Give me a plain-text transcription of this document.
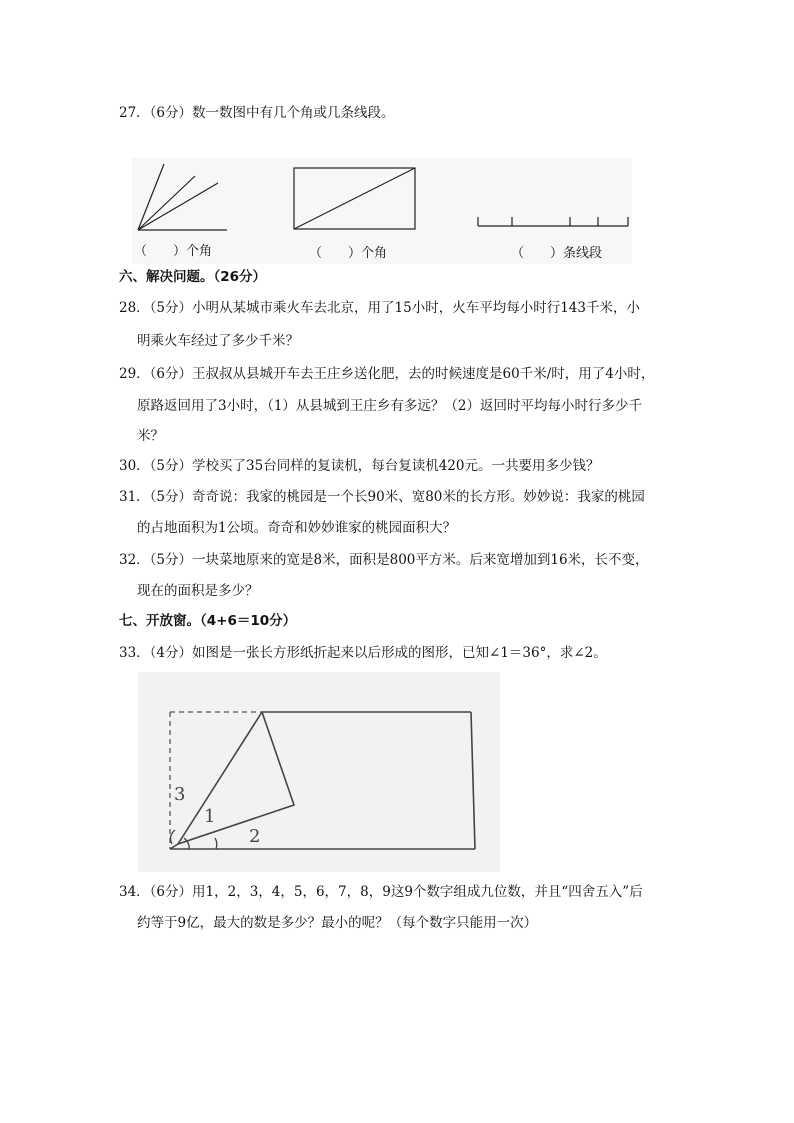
27．（6分）数一数图中有几个角或几条线段。
（　　）个角	（　　）个角	（　　）条线段
六、解决问题。（26分）
28．（5分）小明从某城市乘火车去北京，用了15小时，火车平均每小时行143千米，小
明乘火车经过了多少千米？
29．（6分）王叔叔从县城开车去王庄乡送化肥，去的时候速度是60千米/时，用了4小时，
原路返回用了3小时，（1）从县城到王庄乡有多远？（2）返回时平均每小时行多少千
米？
30．（5分）学校买了35台同样的复读机，每台复读机420元。一共要用多少钱？
31．（5分）奇奇说：我家的桃园是一个长90米、宽80米的长方形。妙妙说：我家的桃园
的占地面积为1公顷。奇奇和妙妙谁家的桃园面积大？
32．（5分）一块菜地原来的宽是8米，面积是800平方米。后来宽增加到16米，长不变，
现在的面积是多少？
七、开放窗。（4+6＝10分）
33．（4分）如图是一张长方形纸折起来以后形成的图形，已知∠1＝36°，求∠2。
3
1
2
34．（6分）用1，2，3，4，5，6，7，8，9这9个数字组成九位数，并且“四舍五入”后
约等于9亿，最大的数是多少？最小的呢？（每个数字只能用一次）
